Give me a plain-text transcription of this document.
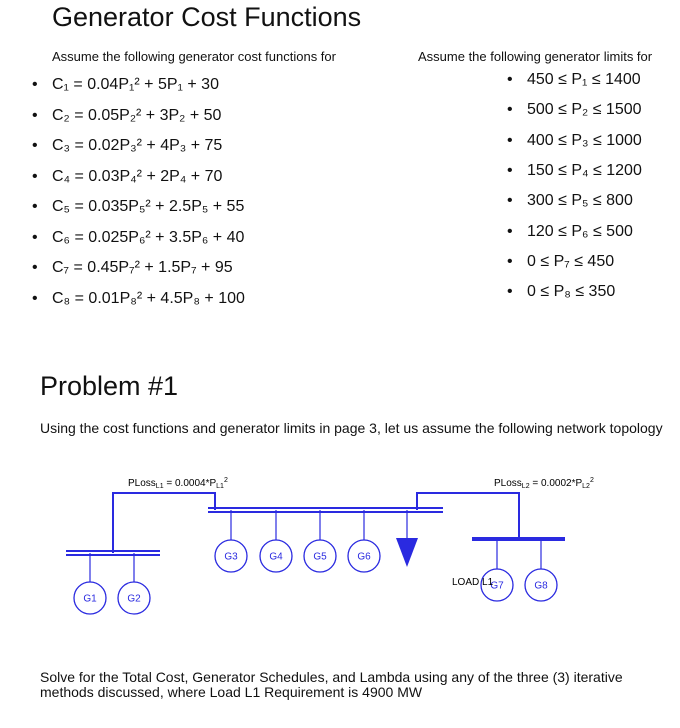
Generator Cost Functions
Assume the following generator cost functions for	Assume the following generator limits for
• C₁ = 0.04P₁² + 5P₁ + 30
• C₂ = 0.05P₂² + 3P₂ + 50
• C₃ = 0.02P₃² + 4P₃ + 75
• C₄ = 0.03P₄² + 2P₄ + 70
• C₅ = 0.035P₅² + 2.5P₅ + 55
• C₆ = 0.025P₆² + 3.5P₆ + 40
• C₇ = 0.45P₇² + 1.5P₇ + 95
• C₈ = 0.01P₈² + 4.5P₈ + 100
• 450 ≤ P₁ ≤ 1400
• 500 ≤ P₂ ≤ 1500
• 400 ≤ P₃ ≤ 1000
• 150 ≤ P₄ ≤ 1200
• 300 ≤ P₅ ≤ 800
• 120 ≤ P₆ ≤ 500
• 0 ≤ P₇ ≤ 450
• 0 ≤ P₈ ≤ 350
Problem #1
Using the cost functions and generator limits in page 3, let us assume the following network topology
G1	G2
G3	G4	G5	G6
G7	G8
PLoss$_{L1}$ = $0.0004*P_{L1}^2$	PLoss$_{L2}$ = $0.0002*P_{L2}^2$
LOAD L1
Solve for the Total Cost, Generator Schedules, and Lambda using any of the three (3) iterative methods discussed, where Load L1 Requirement is 4900 MW
